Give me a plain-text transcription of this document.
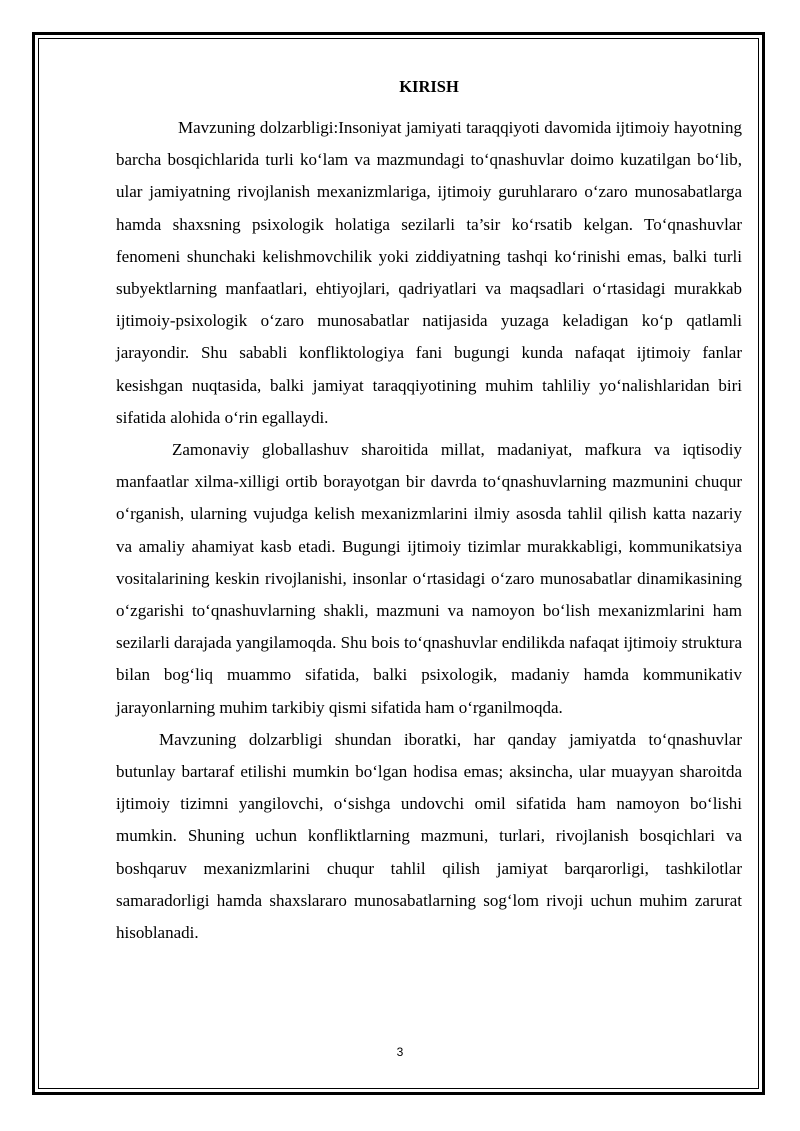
KIRISH

Mavzuning dolzarbligi:Insoniyat jamiyati taraqqiyoti davomida ijtimoiy hayotning barcha bosqichlarida turli ko‘lam va mazmundagi to‘qnashuvlar doimo kuzatilgan bo‘lib, ular jamiyatning rivojlanish mexanizmlariga, ijtimoiy guruhlararo o‘zaro munosabatlarga hamda shaxsning psixologik holatiga sezilarli ta’sir ko‘rsatib kelgan. To‘qnashuvlar fenomeni shunchaki kelishmovchilik yoki ziddiyatning tashqi ko‘rinishi emas, balki turli subyektlarning manfaatlari, ehtiyojlari, qadriyatlari va maqsadlari o‘rtasidagi murakkab ijtimoiy-psixologik o‘zaro munosabatlar natijasida yuzaga keladigan ko‘p qatlamli jarayondir. Shu sababli konfliktologiya fani bugungi kunda nafaqat ijtimoiy fanlar kesishgan nuqtasida, balki jamiyat taraqqiyotining muhim tahliliy yo‘nalishlaridan biri sifatida alohida o‘rin egallaydi.

Zamonaviy globallashuv sharoitida millat, madaniyat, mafkura va iqtisodiy manfaatlar xilma-xilligi ortib borayotgan bir davrda to‘qnashuvlarning mazmunini chuqur o‘rganish, ularning vujudga kelish mexanizmlarini ilmiy asosda tahlil qilish katta nazariy va amaliy ahamiyat kasb etadi. Bugungi ijtimoiy tizimlar murakkabligi, kommunikatsiya vositalarining keskin rivojlanishi, insonlar o‘rtasidagi o‘zaro munosabatlar dinamikasining o‘zgarishi to‘qnashuvlarning shakli, mazmuni va namoyon bo‘lish mexanizmlarini ham sezilarli darajada yangilamoqda. Shu bois to‘qnashuvlar endilikda nafaqat ijtimoiy struktura bilan bog‘liq muammo sifatida, balki psixologik, madaniy hamda kommunikativ jarayonlarning muhim tarkibiy qismi sifatida ham o‘rganilmoqda.

Mavzuning dolzarbligi shundan iboratki, har qanday jamiyatda to‘qnashuvlar butunlay bartaraf etilishi mumkin bo‘lgan hodisa emas; aksincha, ular muayyan sharoitda ijtimoiy tizimni yangilovchi, o‘sishga undovchi omil sifatida ham namoyon bo‘lishi mumkin. Shuning uchun konfliktlarning mazmuni, turlari, rivojlanish bosqichlari va boshqaruv mexanizmlarini chuqur tahlil qilish jamiyat barqarorligi, tashkilotlar samaradorligi hamda shaxslararo munosabatlarning sog‘lom rivoji uchun muhim zarurat hisoblanadi.

3
